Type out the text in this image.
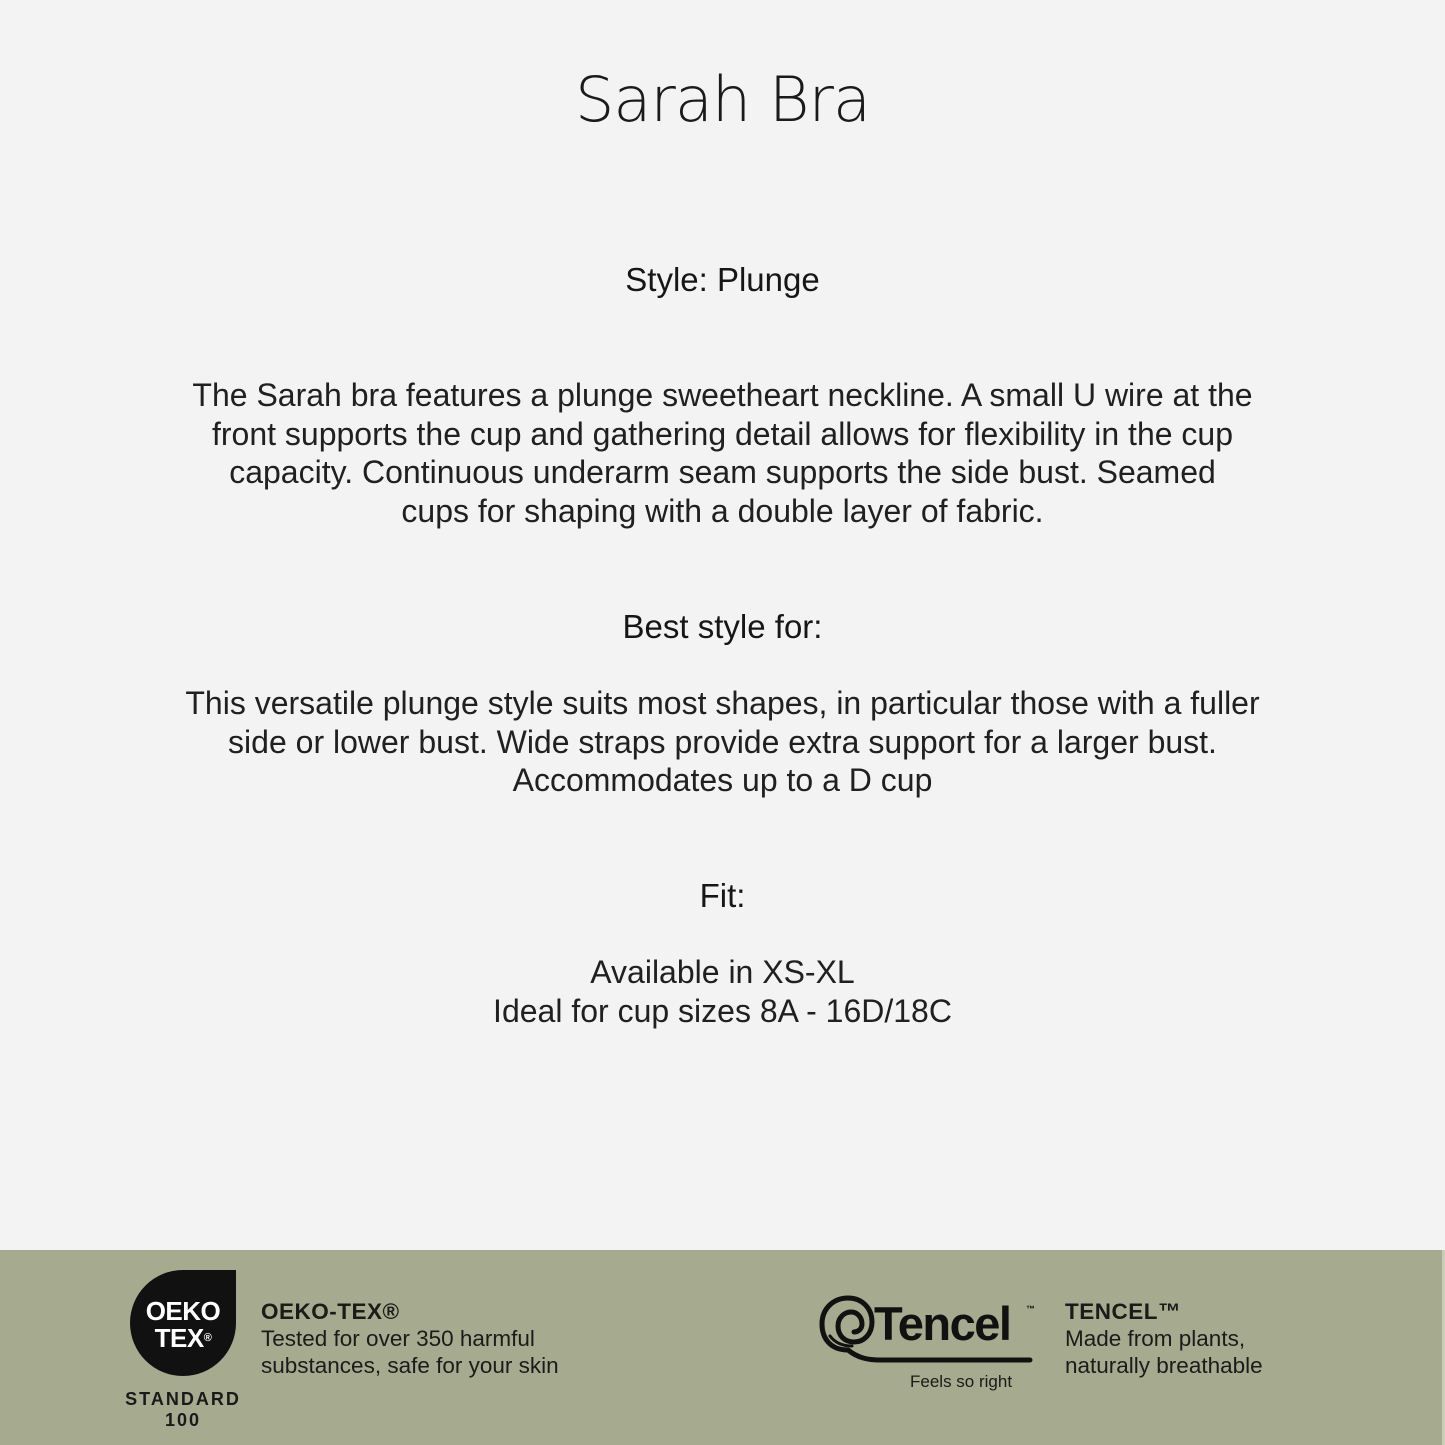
Sarah Bra
Style: Plunge

The Sarah bra features a plunge sweetheart neckline. A small U wire at the
front supports the cup and gathering detail allows for flexibility in the cup
capacity. Continuous underarm seam supports the side bust. Seamed
cups for shaping with a double layer of fabric.

Best style for:

This versatile plunge style suits most shapes, in particular those with a fuller
side or lower bust. Wide straps provide extra support for a larger bust.
Accommodates up to a D cup

Fit:

Available in XS-XL
Ideal for cup sizes 8A - 16D/18C

OEKO
TEX®
STANDARD
100
OEKO-TEX®
Tested for over 350 harmful
substances, safe for your skin
Tencel ™
Feels so right
TENCEL™
Made from plants,
naturally breathable
